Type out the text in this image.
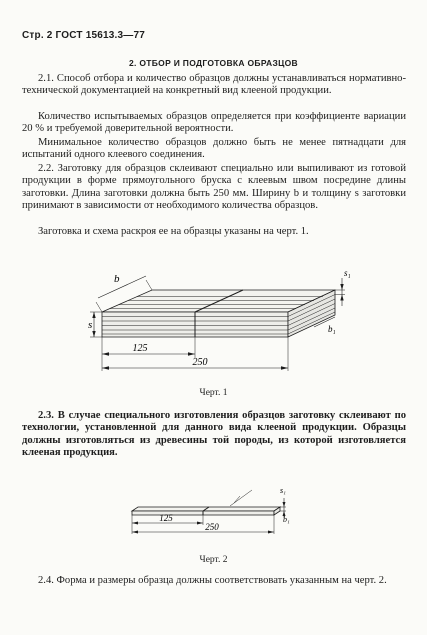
Стр. 2 ГОСТ 15613.3—77
2. ОТБОР И ПОДГОТОВКА ОБРАЗЦОВ

2.1. Способ отбора и количество образцов должны устанавливаться нормативно-технической документацией на конкретный вид клееной продукции.

Количество испытываемых образцов определяется при коэффициенте вариации 20 % и требуемой доверительной вероятности.

Минимальное количество образцов должно быть не менее пятнадцати для испытаний одного клеевого соединения.

2.2. Заготовку для образцов склеивают специально или выпиливают из готовой продукции в форме прямоугольного бруска с клеевым швом посредине длины заготовки. Длина заготовки должна быть 250 мм. Ширину b и толщину s заготовки принимают в зависимости от необходимого количества образцов.

Заготовка и схема раскроя ее на образцы указаны на черт. 1.

125
250
s
b	s₁
b₁
Черт. 1

2.3. В случае специального изготовления образцов заготовку склеивают по технологии, установленной для данного вида клееной продукции. Образцы должны изготовляться из древесины той породы, из которой изготовляется клееная продукция.

125
250
s₁
b₁
Черт. 2

2.4. Форма и размеры образца должны соответствовать указанным на черт. 2.
